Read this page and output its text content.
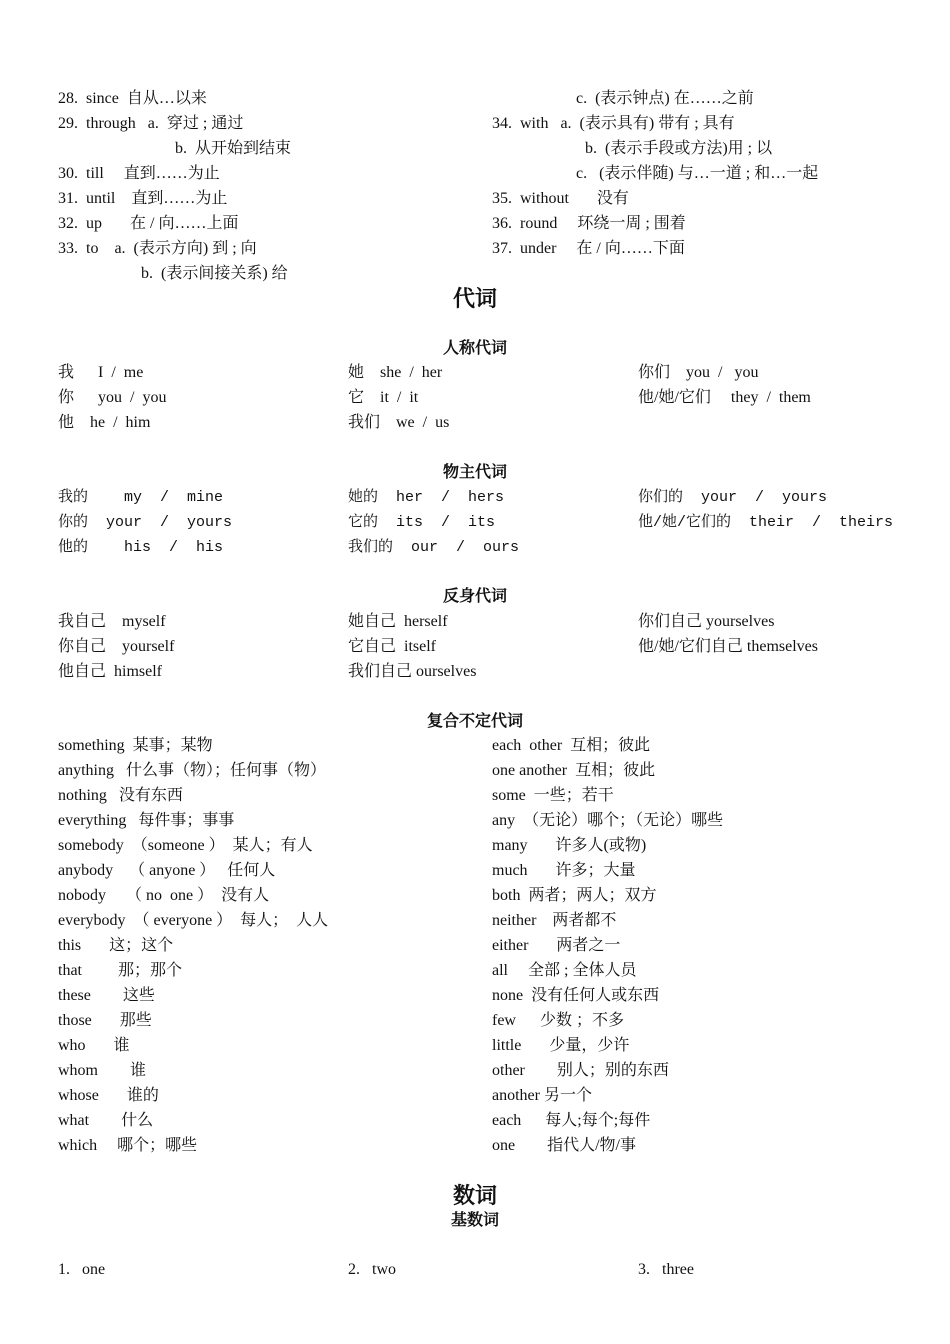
28.  since  自从…以来
29.  through   a.  穿过 ; 通过
b.  从开始到结束
30.  till     直到……为止
31.  until    直到……为止
32.  up       在 / 向……上面
33.  to    a.  (表示方向) 到 ; 向
b.  (表示间接关系) 给
c.  (表示钟点) 在……之前
34.  with   a.  (表示具有) 带有 ; 具有
b.  (表示手段或方法)用 ; 以
c.   (表示伴随) 与…一道 ; 和…一起
35.  without       没有
36.  round     环绕一周 ; 围着
37.  under     在 / 向……下面
代词
人称代词
我      I  /  me
你      you  /  you
他    he  /  him
她    she  /  her
它    it  /  it
我们    we  /  us
你们    you  /   you
他/她/它们     they  /  them
物主代词
我的    my  /  mine
你的  your  /  yours
他的    his  /  his
她的  her  /  hers
它的  its  /  its
我们的  our  /  ours
你们的  your  /  yours
他/她/它们的  their  /  theirs
反身代词
我自己    myself
你自己    yourself
他自己  himself
她自己  herself
它自己  itself
我们自己 ourselves
你们自己 yourselves
他/她/它们自己 themselves
复合不定代词
something  某事；某物
anything   什么事（物）；任何事（物）
nothing   没有东西
everything   每件事；事事
somebody  （someone ）  某人；有人
anybody    （ anyone ）   任何人
nobody     （ no  one ）  没有人
everybody  （ everyone ）  每人；  人人
this       这；这个
that         那；那个
these        这些
those       那些
who       谁
whom        谁
whose       谁的
what        什么
which     哪个；哪些
each  other  互相；彼此
one another  互相；彼此
some  一些；若干
any  （无论）哪个；（无论）哪些
many       许多人(或物)
much       许多；大量
both  两者；两人；双方
neither    两者都不
either       两者之一
all     全部 ; 全体人员
none  没有任何人或东西
few      少数 ；不多
little       少量，少许
other        别人；别的东西
another 另一个
each      每人;每个;每件
one        指代人/物/事
数词
基数词
1.   one	2.   two	3.   three
